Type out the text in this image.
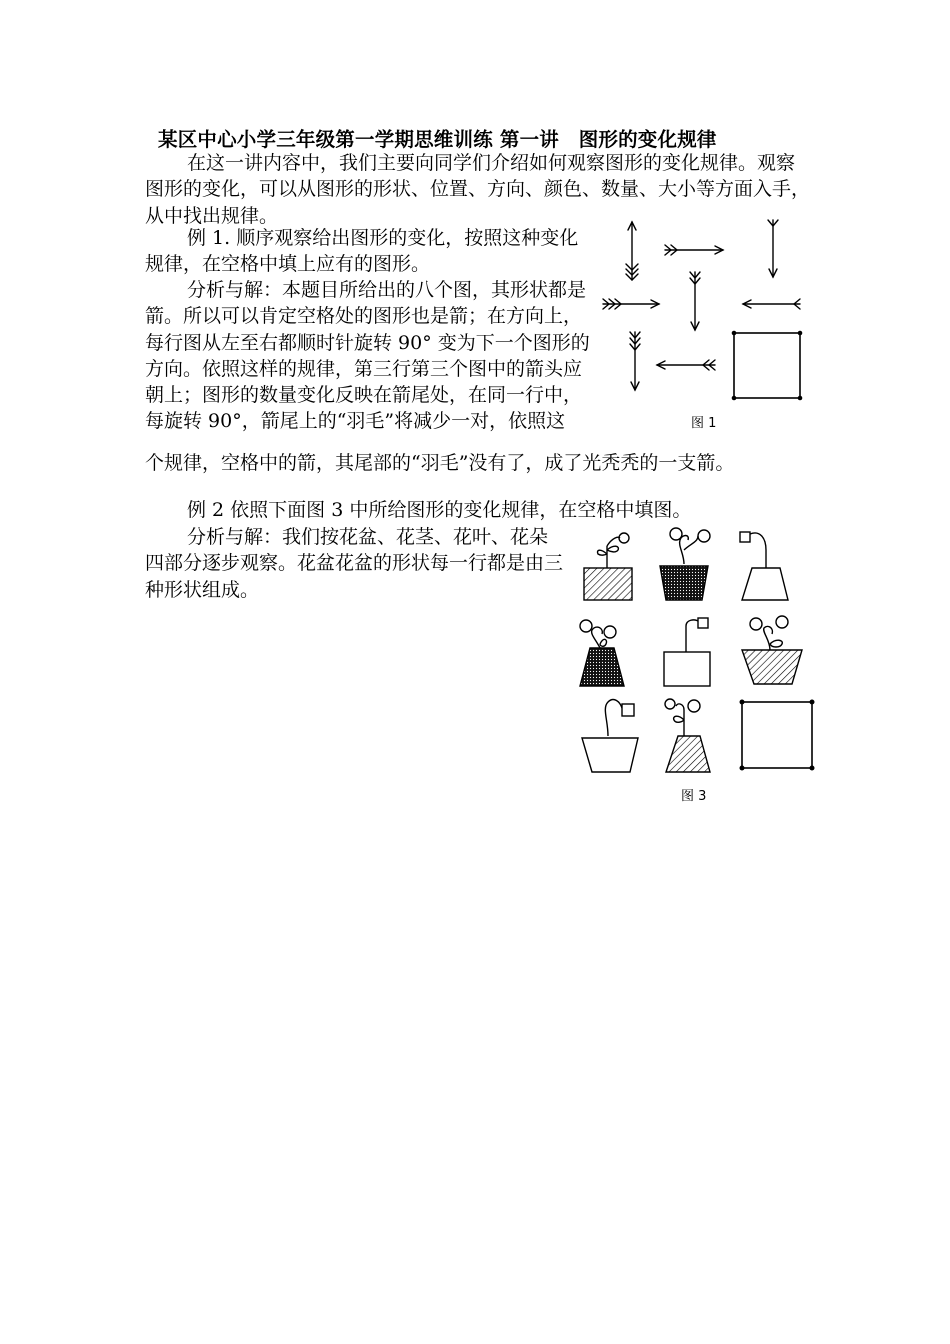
某区中心小学三年级第一学期思维训练 第一讲　图形的变化规律

在这一讲内容中，我们主要向同学们介绍如何观察图形的变化规律。观察图形的变化，可以从图形的形状、位置、方向、颜色、数量、大小等方面入手，从中找出规律。

例 1. 顺序观察给出图形的变化，按照这种变化规律，在空格中填上应有的图形。

分析与解：本题目所给出的八个图，其形状都是箭。所以可以肯定空格处的图形也是箭；在方向上，每行图从左至右都顺时针旋转 90° 变为下一个图形的方向。依照这样的规律，第三行第三个图中的箭头应朝上；图形的数量变化反映在箭尾处，在同一行中，每旋转 90°，箭尾上的“羽毛”将减少一对，依照这

个规律，空格中的箭，其尾部的“羽毛”没有了，成了光秃秃的一支箭。

例 2 依照下面图 3 中所给图形的变化规律，在空格中填图。

分析与解：我们按花盆、花茎、花叶、花朵四部分逐步观察。花盆花盆的形状每一行都是由三种形状组成。

图 1
图 3
